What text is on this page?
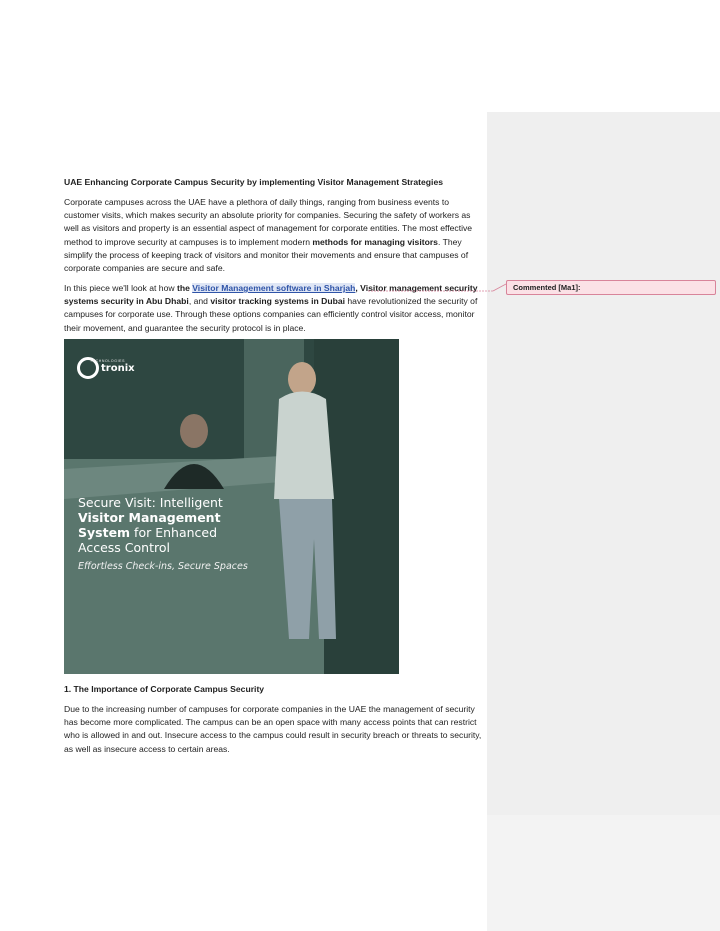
UAE Enhancing Corporate Campus Security by implementing Visitor Management Strategies

Corporate campuses across the UAE have a plethora of daily things, ranging from business events to customer visits, which makes security an absolute priority for companies. Securing the safety of workers as well as visitors and property is an essential aspect of management for corporate entities. The most effective method to improve security at campuses is to implement modern methods for managing visitors. They simplify the process of keeping track of visitors and monitor their movements and ensure that campuses of corporate companies are secure and safe.

In this piece we'll look at how the Visitor Management software in Sharjah, Visitor management security systems security in Abu Dhabi, and visitor tracking systems in Dubai have revolutionized the security of campuses for corporate use. Through these options companies can efficiently control visitor access, monitor their movement, and guarantee the security protocol is in place.

1. The Importance of Corporate Campus Security

Due to the increasing number of campuses for corporate companies in the UAE the management of security has become more complicated. The campus can be an open space with many access points that can restrict who is allowed in and out. Insecure access to the campus could result in security breach or threats to security, as well as insecure access to certain areas.

tronix
TECHNOLOGIES
Secure Visit: Intelligent
Visitor Management
System for Enhanced
Access Control
Effortless Check-ins, Secure Spaces
Commented [Ma1]:
